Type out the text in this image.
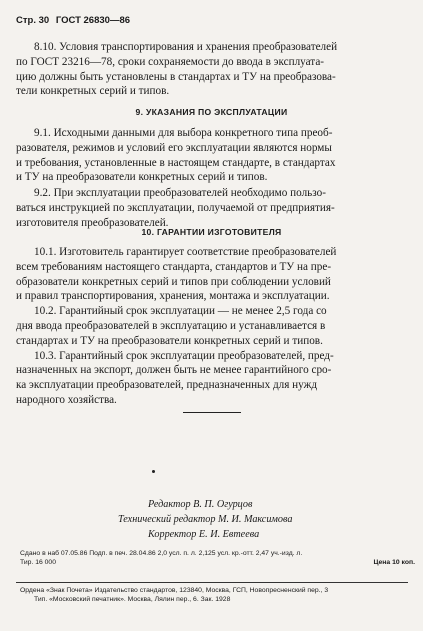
Стр. 30 ГОСТ 26830—86
8.10. Условия транспортирования и хранения преобразователей
по ГОСТ 23216—78, сроки сохраняемости до ввода в эксплуата-
цию должны быть установлены в стандартах и ТУ на преобразова-
тели конкретных серий и типов.
9. УКАЗАНИЯ ПО ЭКСПЛУАТАЦИИ
9.1. Исходными данными для выбора конкретного типа преоб-
разователя, режимов и условий его эксплуатации являются нормы
и требования, установленные в настоящем стандарте, в стандартах
и ТУ на преобразователи конкретных серий и типов.
9.2. При эксплуатации преобразователей необходимо пользо-
ваться инструкцией по эксплуатации, получаемой от предприятия-
изготовителя преобразователей.
10. ГАРАНТИИ ИЗГОТОВИТЕЛЯ
10.1. Изготовитель гарантирует соответствие преобразователей
всем требованиям настоящего стандарта, стандартов и ТУ на пре-
образователи конкретных серий и типов при соблюдении условий
и правил транспортирования, хранения, монтажа и эксплуатации.
10.2. Гарантийный срок эксплуатации — не менее 2,5 года со
дня ввода преобразователей в эксплуатацию и устанавливается в
стандартах и ТУ на преобразователи конкретных серий и типов.
10.3. Гарантийный срок эксплуатации преобразователей, пред-
назначенных на экспорт, должен быть не менее гарантийного сро-
ка эксплуатации преобразователей, предназначенных для нужд
народного хозяйства.
Редактор В. П. Огурцов
Технический редактор М. И. Максимова
Корректор Е. И. Евтеева
Сдано в наб 07.05.86 Подп. в печ. 28.04.86 2,0 усл. п. л. 2,125 усл. кр.-отт. 2,47 уч.-изд. л.
Тир. 16 000	Цена 10 коп.
Ордена «Знак Почета» Издательство стандартов, 123840, Москва, ГСП, Новопресненский пер., 3
Тип. «Московский печатник». Москва, Лялин пер., 6. Зак. 1928
